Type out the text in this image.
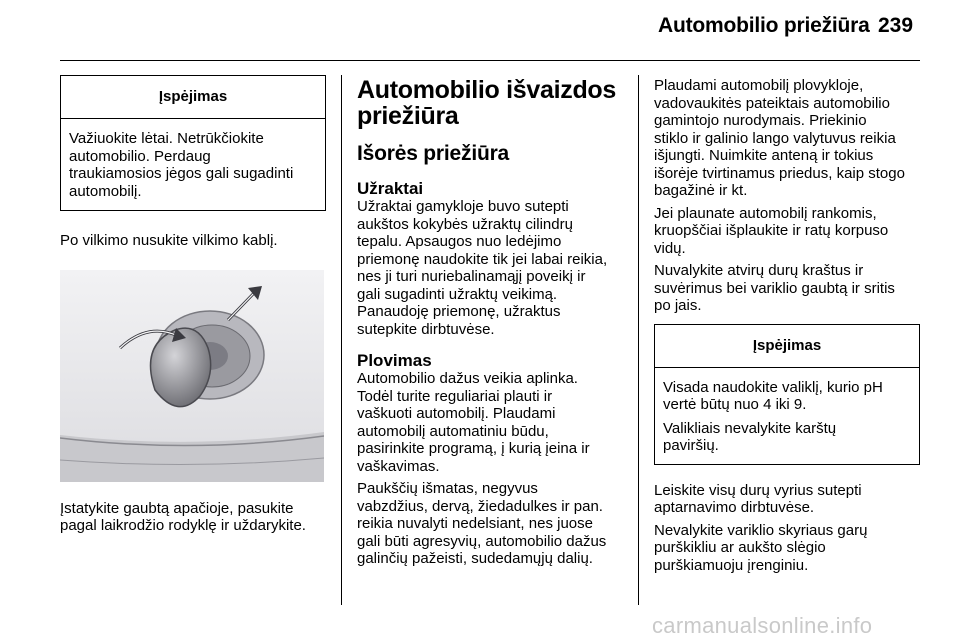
Automobilio priežiūra 239
Įspėjimas

Važiuokite lėtai. Netrūkčiokite

automobilio. Perdaug

traukiamosios jėgos gali sugadinti

automobilį.

Po vilkimo nusukite vilkimo kablį.

Įstatykite gaubtą apačioje, pasukite

pagal laikrodžio rodyklę ir uždarykite.

Automobilio išvaizdos
priežiūra
Išorės priežiūra
Užraktai

Užraktai gamykloje buvo sutepti

aukštos kokybės užraktų cilindrų

tepalu. Apsaugos nuo ledėjimo

priemonę naudokite tik jei labai reikia,

nes ji turi nuriebalinamąjį poveikį ir

gali sugadinti užraktų veikimą.

Panaudoję priemonę, užraktus

sutepkite dirbtuvėse.

Plovimas

Automobilio dažus veikia aplinka.

Todėl turite reguliariai plauti ir

vaškuoti automobilį. Plaudami

automobilį automatiniu būdu,

pasirinkite programą, į kurią įeina ir

vaškavimas.

Paukščių išmatas, negyvus

vabzdžius, dervą, žiedadulkes ir pan.

reikia nuvalyti nedelsiant, nes juose

gali būti agresyvių, automobilio dažus

galinčių pažeisti, sudedamųjų dalių.

Plaudami automobilį plovykloje,

vadovaukitės pateiktais automobilio

gamintojo nurodymais. Priekinio

stiklo ir galinio lango valytuvus reikia

išjungti. Nuimkite anteną ir tokius

išorėje tvirtinamus priedus, kaip stogo

bagažinė ir kt.

Jei plaunate automobilį rankomis,

kruopščiai išplaukite ir ratų korpuso

vidų.

Nuvalykite atvirų durų kraštus ir

suvėrimus bei variklio gaubtą ir sritis

po jais.

Įspėjimas

Visada naudokite valiklį, kurio pH

vertė būtų nuo 4 iki 9.

Valikliais nevalykite karštų

paviršių.

Leiskite visų durų vyrius sutepti

aptarnavimo dirbtuvėse.

Nevalykite variklio skyriaus garų

purškikliu ar aukšto slėgio

purškiamuoju įrenginiu.

carmanualsonline.info
